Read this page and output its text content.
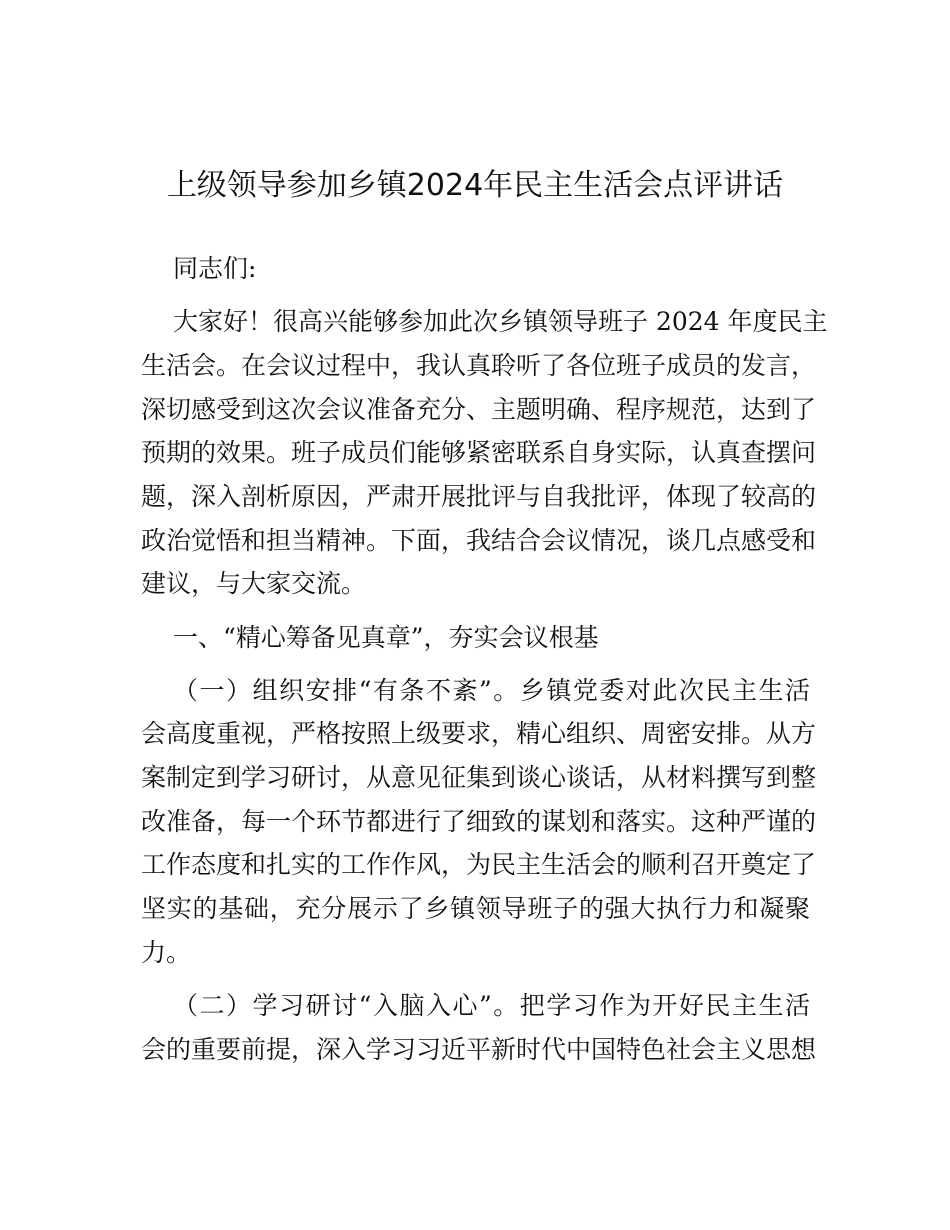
上级领导参加乡镇2024年民主生活会点评讲话
同志们:
大家好！很高兴能够参加此次乡镇领导班子 2024 年度民主
生活会。在会议过程中，我认真聆听了各位班子成员的发言，
深切感受到这次会议准备充分、主题明确、程序规范，达到了
预期的效果。班子成员们能够紧密联系自身实际，认真查摆问
题，深入剖析原因，严肃开展批评与自我批评，体现了较高的
政治觉悟和担当精神。下面，我结合会议情况，谈几点感受和
建议，与大家交流。
一、“精心筹备见真章”，夯实会议根基
（一）组织安排“有条不紊”。乡镇党委对此次民主生活
会高度重视，严格按照上级要求，精心组织、周密安排。从方
案制定到学习研讨，从意见征集到谈心谈话，从材料撰写到整
改准备，每一个环节都进行了细致的谋划和落实。这种严谨的
工作态度和扎实的工作作风，为民主生活会的顺利召开奠定了
坚实的基础，充分展示了乡镇领导班子的强大执行力和凝聚
力。
（二）学习研讨“入脑入心”。把学习作为开好民主生活
会的重要前提，深入学习习近平新时代中国特色社会主义思想
